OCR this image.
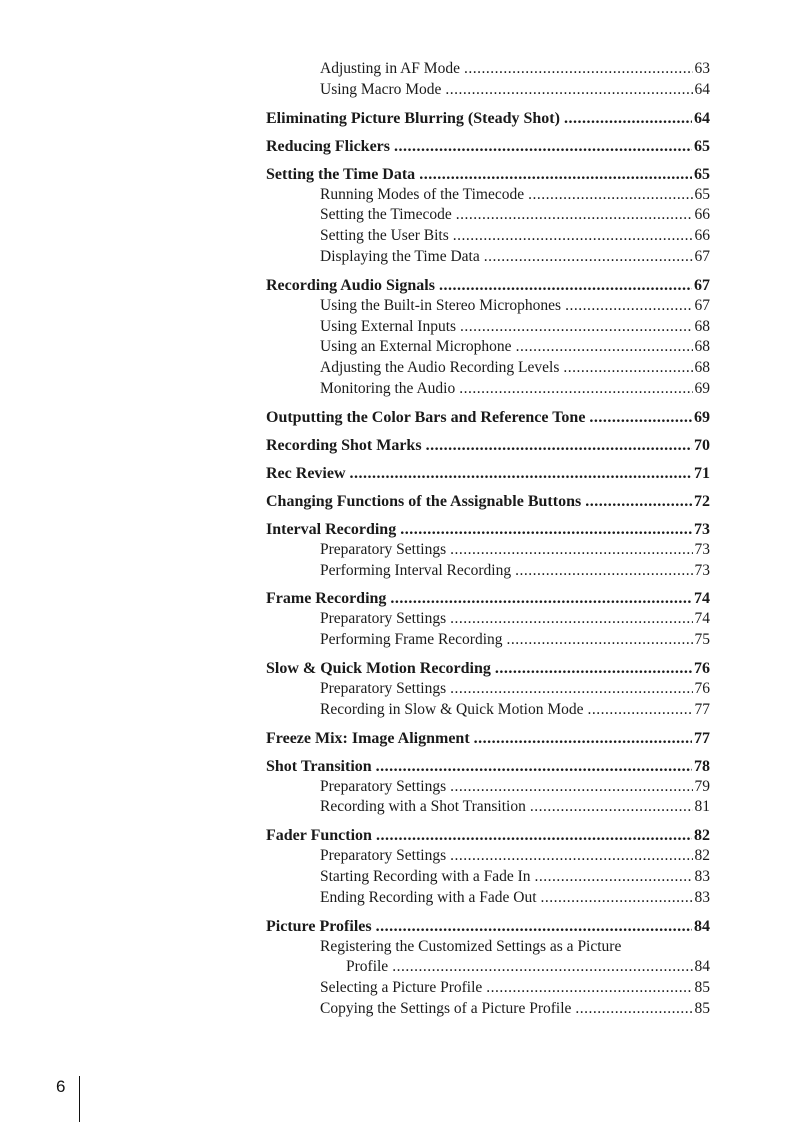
Adjusting in AF Mode .....	63
Using Macro Mode .....	64
Eliminating Picture Blurring (Steady Shot) .....	64
Reducing Flickers .....	65
Setting the Time Data .....	65
Running Modes of the Timecode .....	65
Setting the Timecode .....	66
Setting the User Bits .....	66
Displaying the Time Data .....	67
Recording Audio Signals .....	67
Using the Built-in Stereo Microphones .....	67
Using External Inputs .....	68
Using an External Microphone .....	68
Adjusting the Audio Recording Levels .....	68
Monitoring the Audio .....	69
Outputting the Color Bars and Reference Tone .....	69
Recording Shot Marks .....	70
Rec Review .....	71
Changing Functions of the Assignable Buttons .....	72
Interval Recording .....	73
Preparatory Settings .....	73
Performing Interval Recording .....	73
Frame Recording .....	74
Preparatory Settings .....	74
Performing Frame Recording .....	75
Slow & Quick Motion Recording .....	76
Preparatory Settings .....	76
Recording in Slow & Quick Motion Mode .....	77
Freeze Mix: Image Alignment .....	77
Shot Transition .....	78
Preparatory Settings .....	79
Recording with a Shot Transition .....	81
Fader Function .....	82
Preparatory Settings .....	82
Starting Recording with a Fade In .....	83
Ending Recording with a Fade Out .....	83
Picture Profiles .....	84
Registering the Customized Settings as a Picture
Profile .....	84
Selecting a Picture Profile .....	85
Copying the Settings of a Picture Profile .....	85
6
